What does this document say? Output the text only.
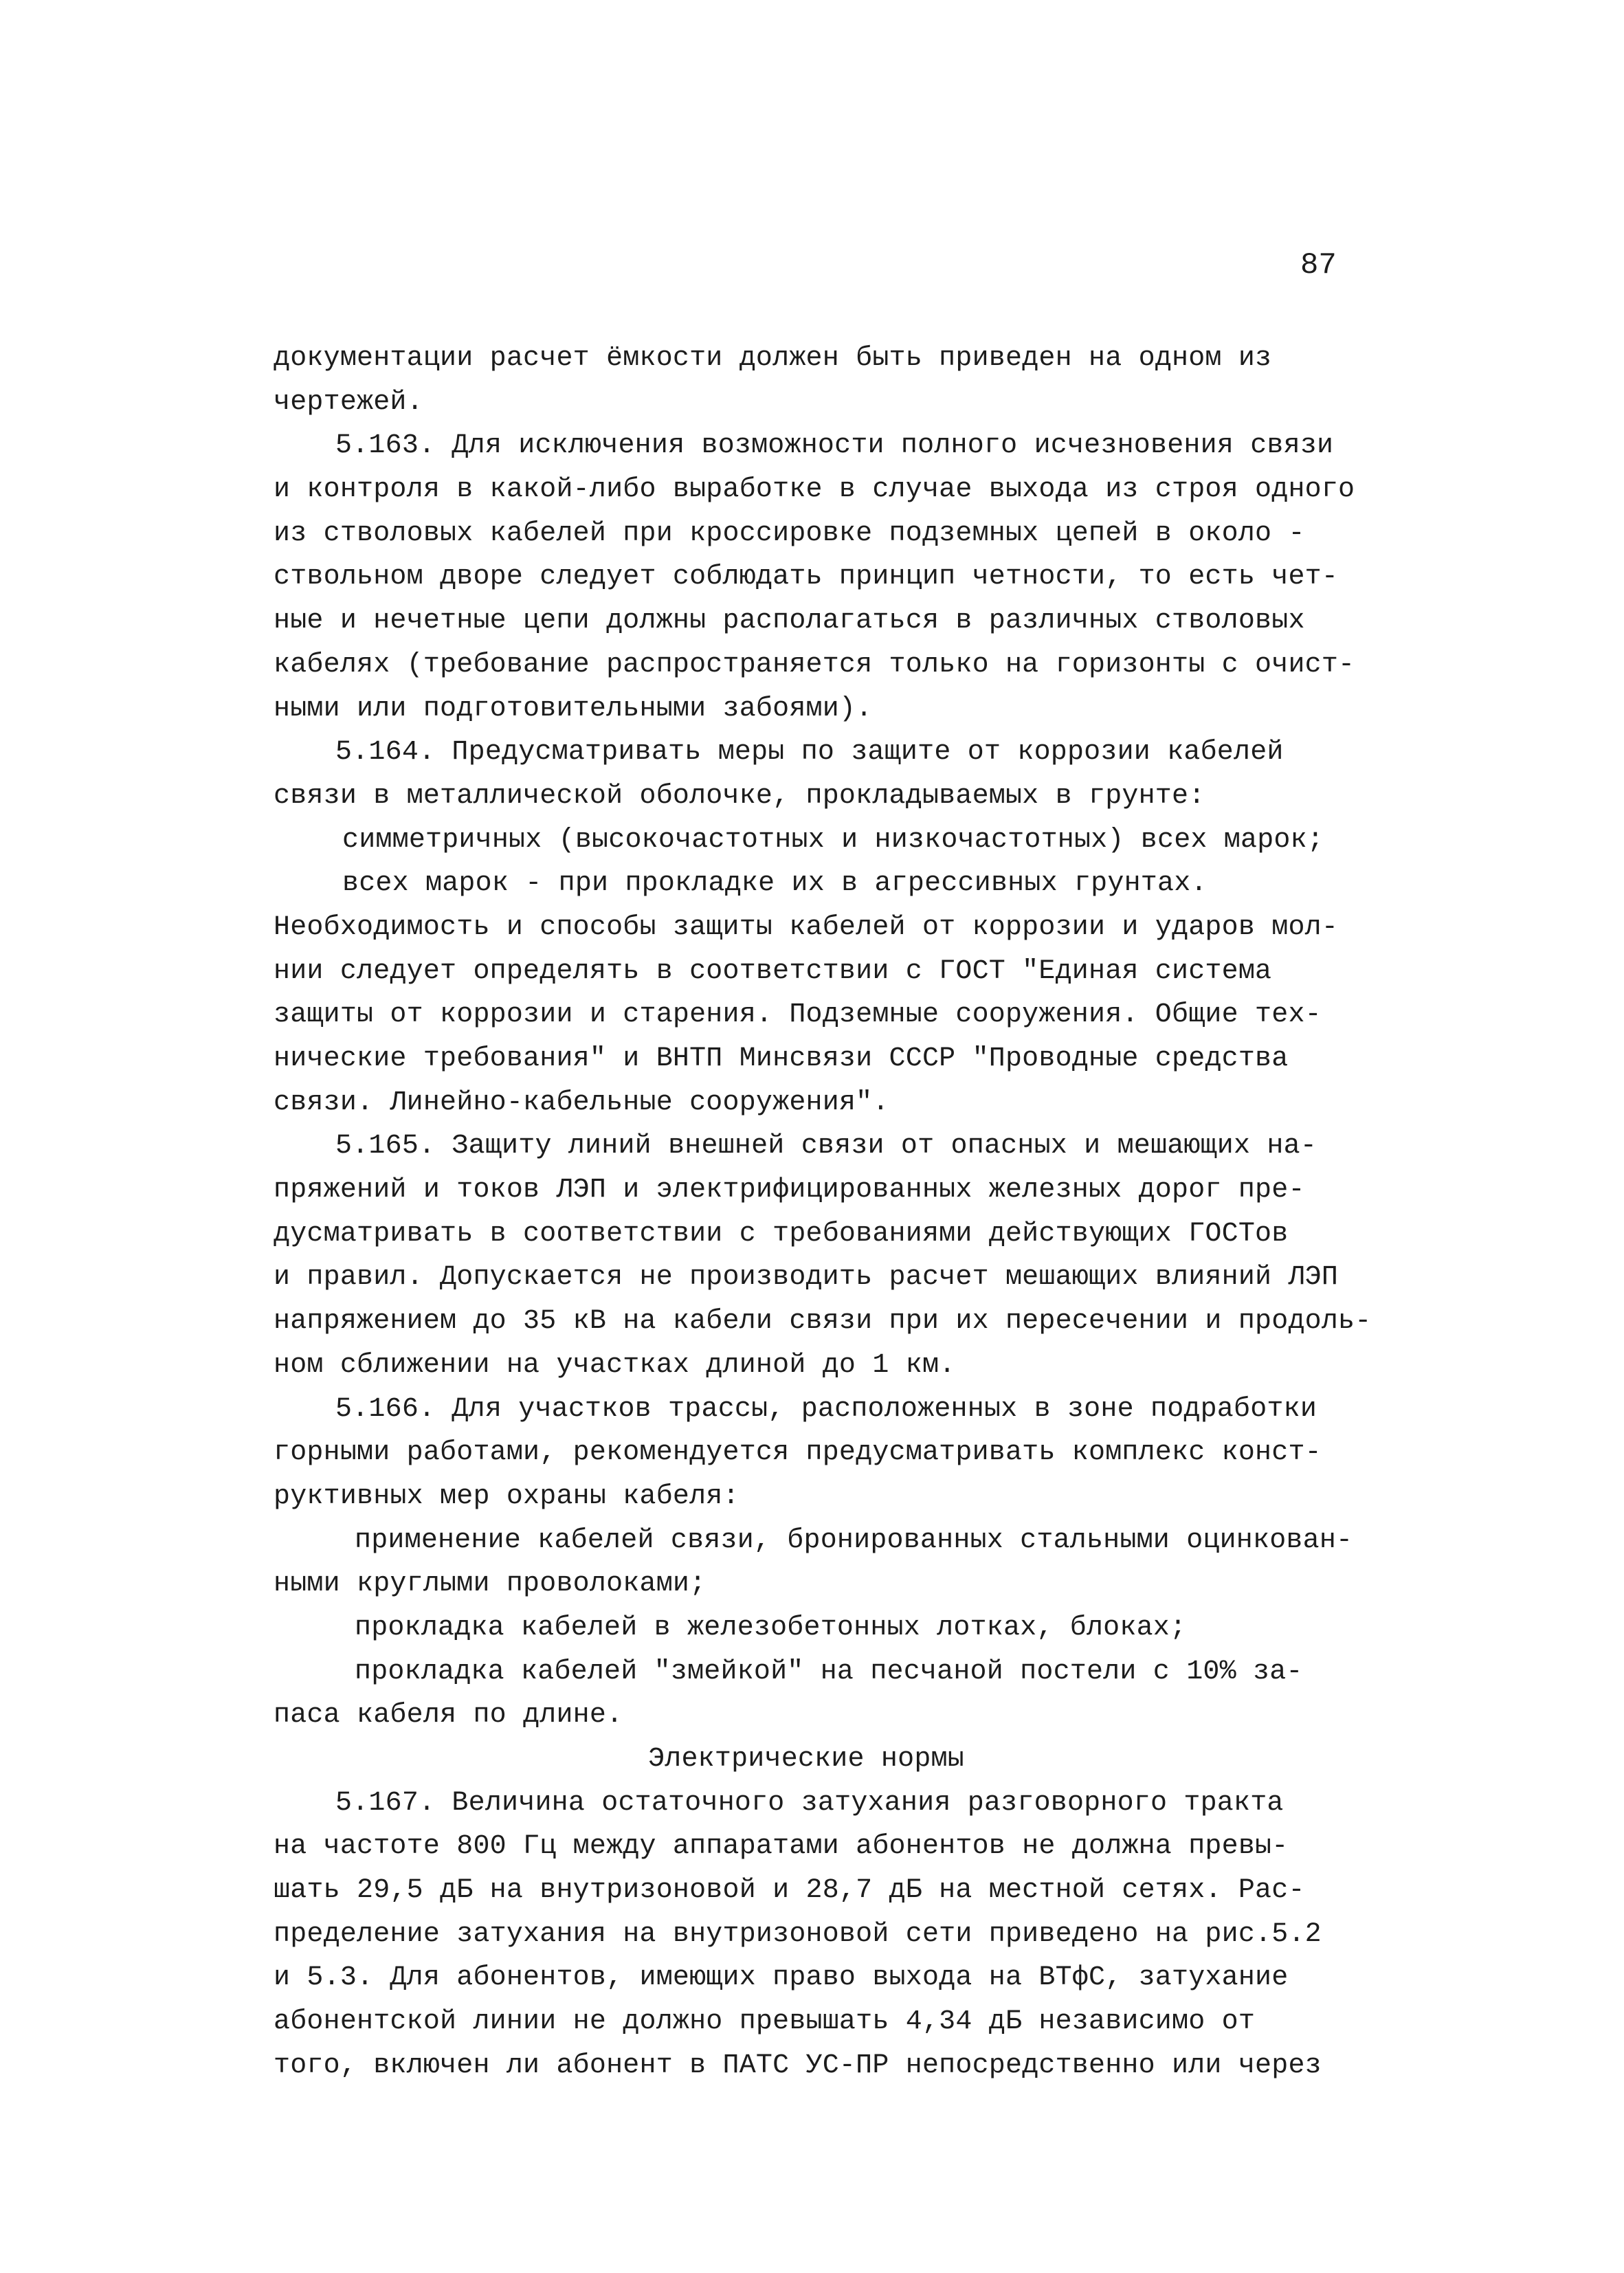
87
документации расчет ёмкости должен быть приведен на одном из
чертежей.
5.163. Для исключения возможности полного исчезновения связи
и контроля в какой-либо выработке в случае выхода из строя одного
из стволовых кабелей при кроссировке подземных цепей в около -
ствольном дворе следует соблюдать принцип четности, то есть чет-
ные и нечетные цепи должны располагаться в различных стволовых
кабелях (требование распространяется только на горизонты с очист-
ными или подготовительными забоями).
5.164. Предусматривать меры по защите от коррозии кабелей
связи в металлической оболочке, прокладываемых в грунте:
симметричных (высокочастотных и низкочастотных) всех марок;
всех марок - при прокладке их в агрессивных грунтах.
Необходимость и способы защиты кабелей от коррозии и ударов мол-
нии следует определять в соответствии с ГОСТ "Единая система
защиты от коррозии и старения. Подземные сооружения. Общие тех-
нические требования" и ВНТП Минсвязи СССР "Проводные средства
связи. Линейно-кабельные сооружения".
5.165. Защиту линий внешней связи от опасных и мешающих на-
пряжений и токов ЛЭП и электрифицированных железных дорог пре-
дусматривать в соответствии с требованиями действующих ГОСТов
и правил. Допускается не производить расчет мешающих влияний ЛЭП
напряжением до 35 кВ на кабели связи при их пересечении и продоль-
ном сближении на участках длиной до 1 км.
5.166. Для участков трассы, расположенных в зоне подработки
горными работами, рекомендуется предусматривать комплекс конст-
руктивных мер охраны кабеля:
применение кабелей связи, бронированных стальными оцинкован-
ными круглыми проволоками;
прокладка кабелей в железобетонных лотках, блоках;
прокладка кабелей "змейкой" на песчаной постели с 10% за-
паса кабеля по длине.
Электрические нормы
5.167. Величина остаточного затухания разговорного тракта
на частоте 800 Гц между аппаратами абонентов не должна превы-
шать 29,5 дБ на внутризоновой и 28,7 дБ на местной сетях. Рас-
пределение затухания на внутризоновой сети приведено на рис.5.2
и 5.3. Для абонентов, имеющих право выхода на ВТфС, затухание
абонентской линии не должно превышать 4,34 дБ независимо от
того, включен ли абонент в ПАТС УС-ПР непосредственно или через
